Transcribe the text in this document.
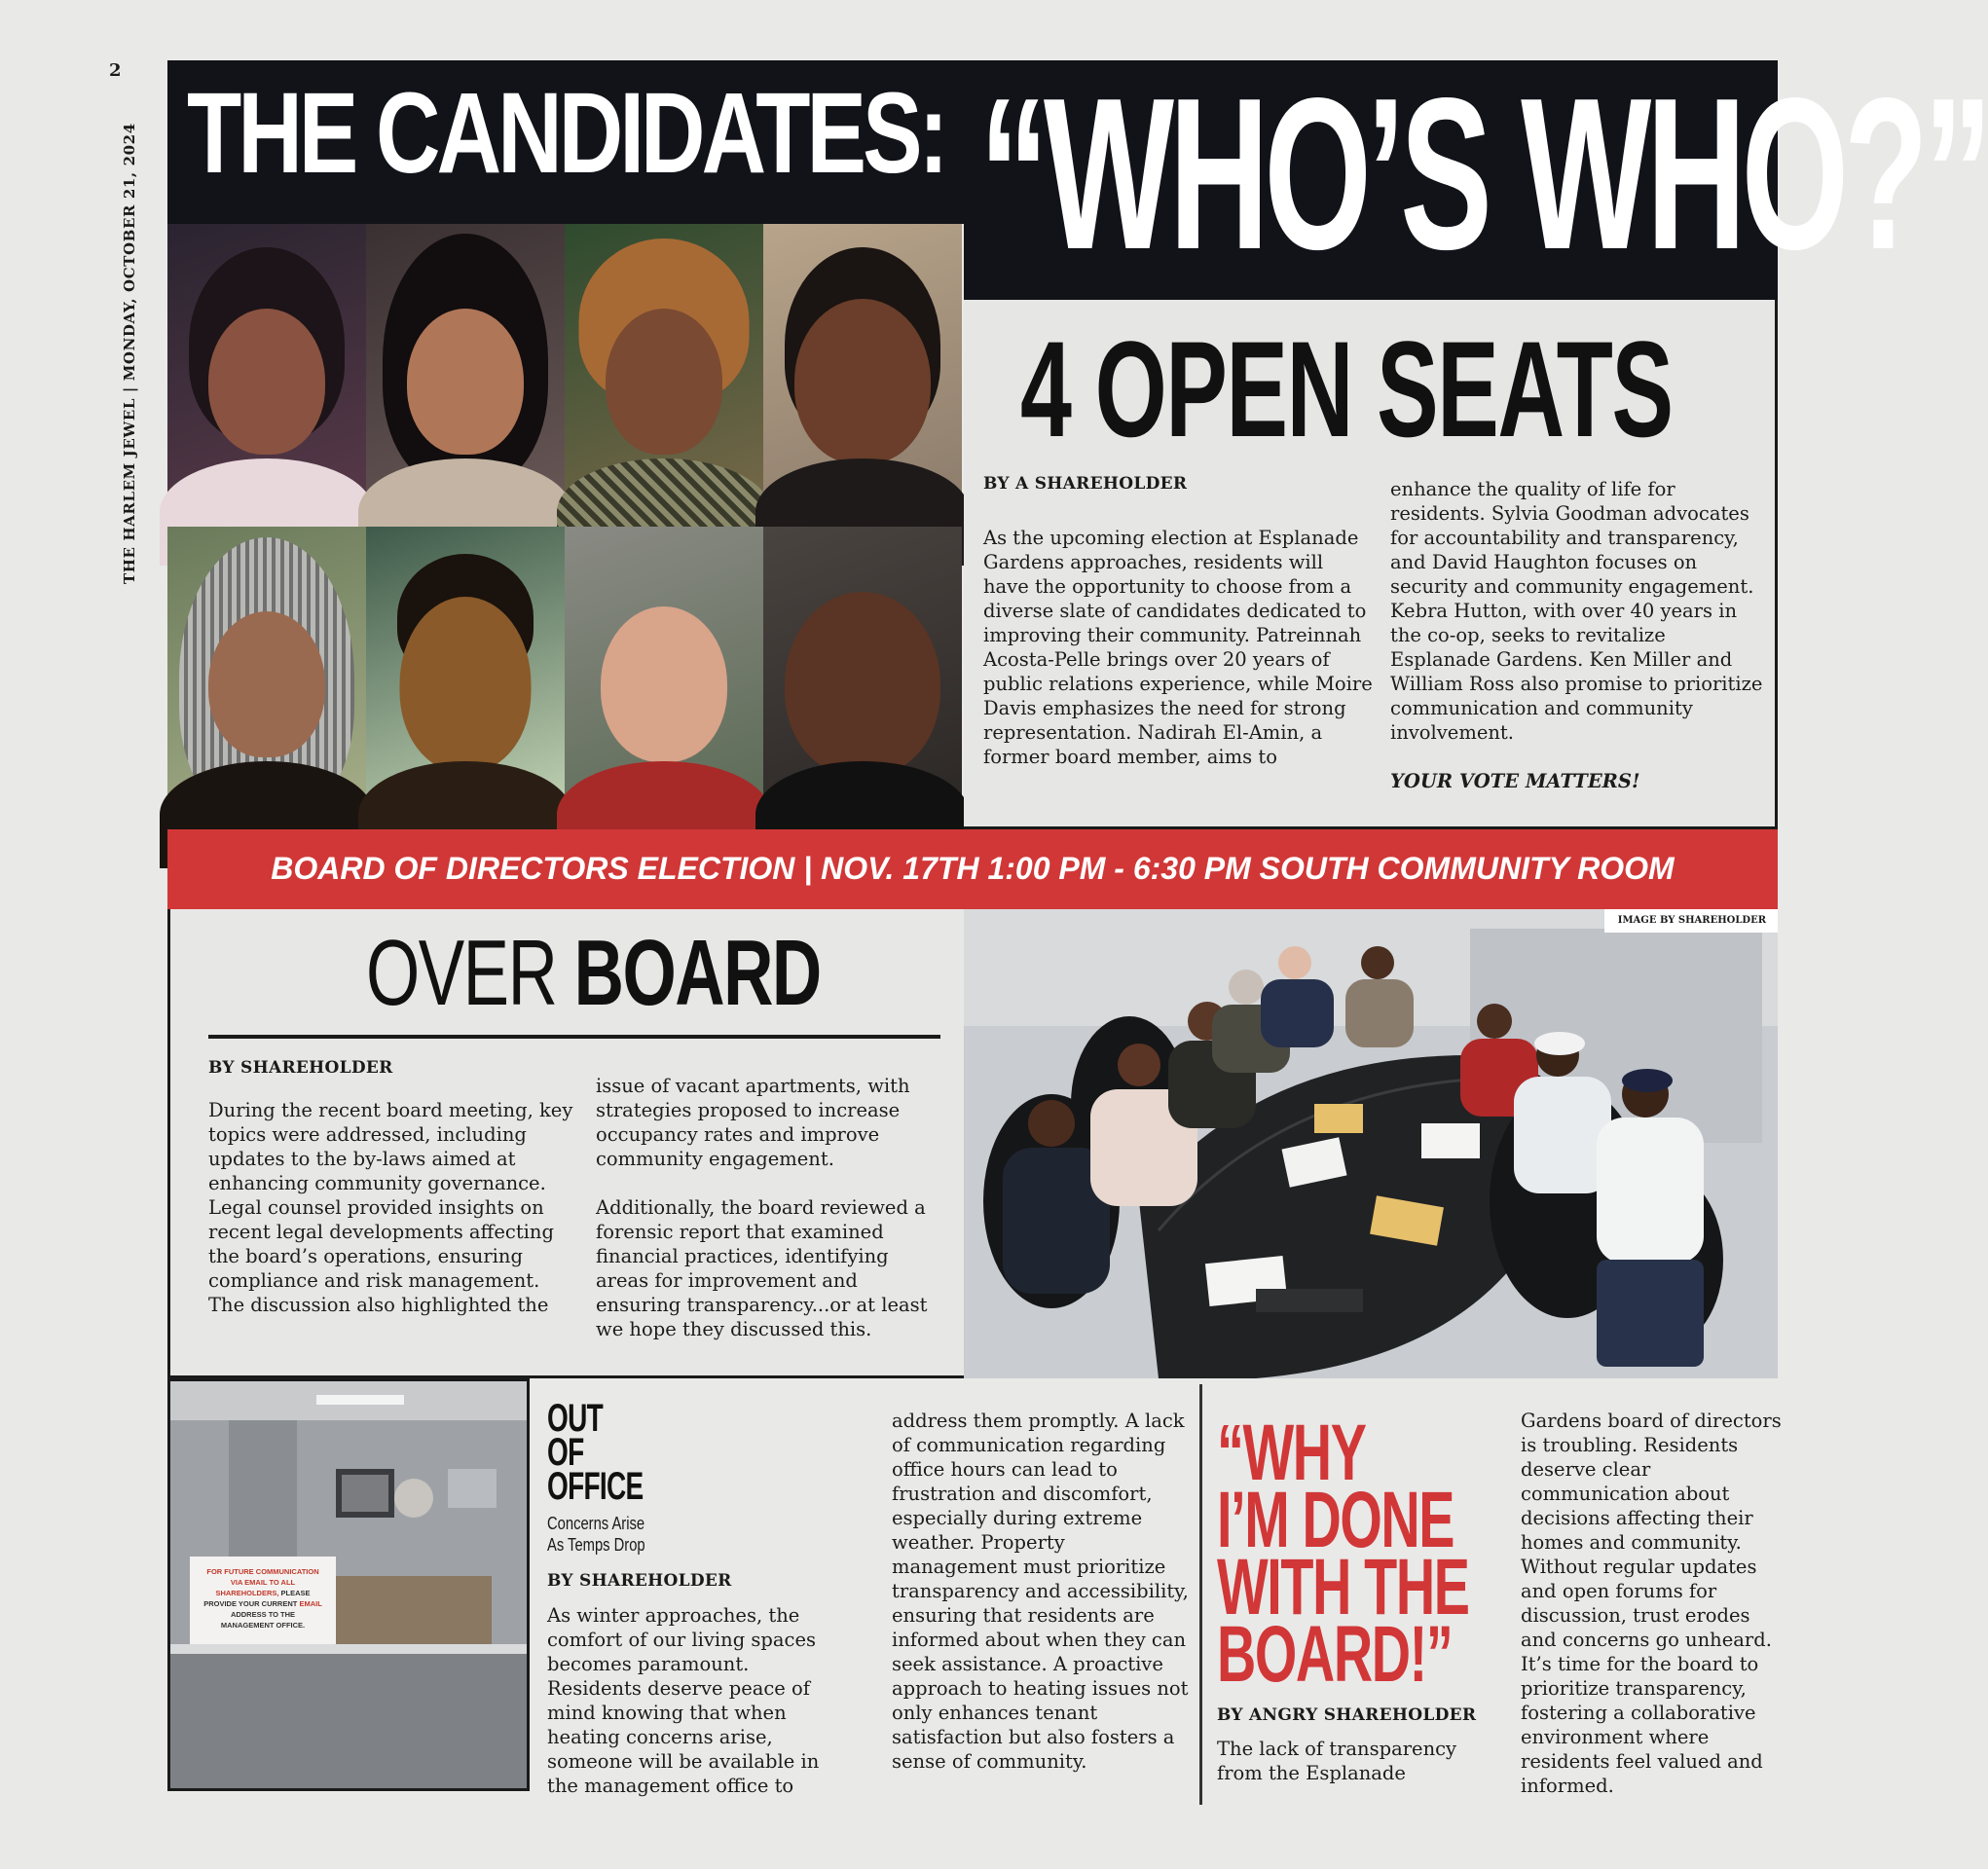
2
THE HARLEM JEWEL | MONDAY, OCTOBER 21, 2024 THE CANDIDATES: “WHO’S WHO?”
4 OPEN SEATS
BY A SHAREHOLDER
As the upcoming election at Esplanade Gardens approaches, residents will have the opportunity to choose from a diverse slate of candidates dedicated to improving their community. Patreinnah Acosta-Pelle brings over 20 years of public relations experience, while Moire Davis emphasizes the need for strong representation. Nadirah El-Amin, a former board member, aims to
enhance the quality of life for residents. Sylvia Goodman advocates for accountability and transparency, and David Haughton focuses on security and community engagement. Kebra Hutton, with over 40 years in the co-op, seeks to revitalize Esplanade Gardens. Ken Miller and William Ross also promise to prioritize communication and community involvement.
YOUR VOTE MATTERS!
BOARD OF DIRECTORS ELECTION | NOV. 17TH 1:00 PM - 6:30 PM SOUTH COMMUNITY ROOM
OVER BOARD
BY SHAREHOLDER
During the recent board meeting, key topics were addressed, including updates to the by-laws aimed at enhancing community governance. Legal counsel provided insights on recent legal developments affecting the board’s operations, ensuring compliance and risk management. The discussion also highlighted the
issue of vacant apartments, with strategies proposed to increase occupancy rates and improve community engagement.
Additionally, the board reviewed a forensic report that examined financial practices, identifying areas for improvement and ensuring transparency...or at least we hope they discussed this.
IMAGE BY SHAREHOLDER
FOR FUTURE COMMUNICATION
VIA EMAIL TO ALL
SHAREHOLDERS, PLEASE
PROVIDE YOUR CURRENT EMAIL
ADDRESS TO THE
MANAGEMENT OFFICE.
OUT
OF
OFFICE
Concerns Arise
As Temps Drop
BY SHAREHOLDER
As winter approaches, the comfort of our living spaces becomes paramount. Residents deserve peace of mind knowing that when heating concerns arise, someone will be available in the management office to
address them promptly. A lack of communication regarding office hours can lead to frustration and discomfort, especially during extreme weather. Property management must prioritize transparency and accessibility, ensuring that residents are informed about when they can seek assistance. A proactive approach to heating issues not only enhances tenant satisfaction but also fosters a sense of community.
“WHY
I’M DONE
WITH THE
BOARD!”
BY ANGRY SHAREHOLDER
The lack of transparency from the Esplanade
Gardens board of directors is troubling. Residents deserve clear communication about decisions affecting their homes and community. Without regular updates and open forums for discussion, trust erodes and concerns go unheard. It’s time for the board to prioritize transparency, fostering a collaborative environment where residents feel valued and informed.
